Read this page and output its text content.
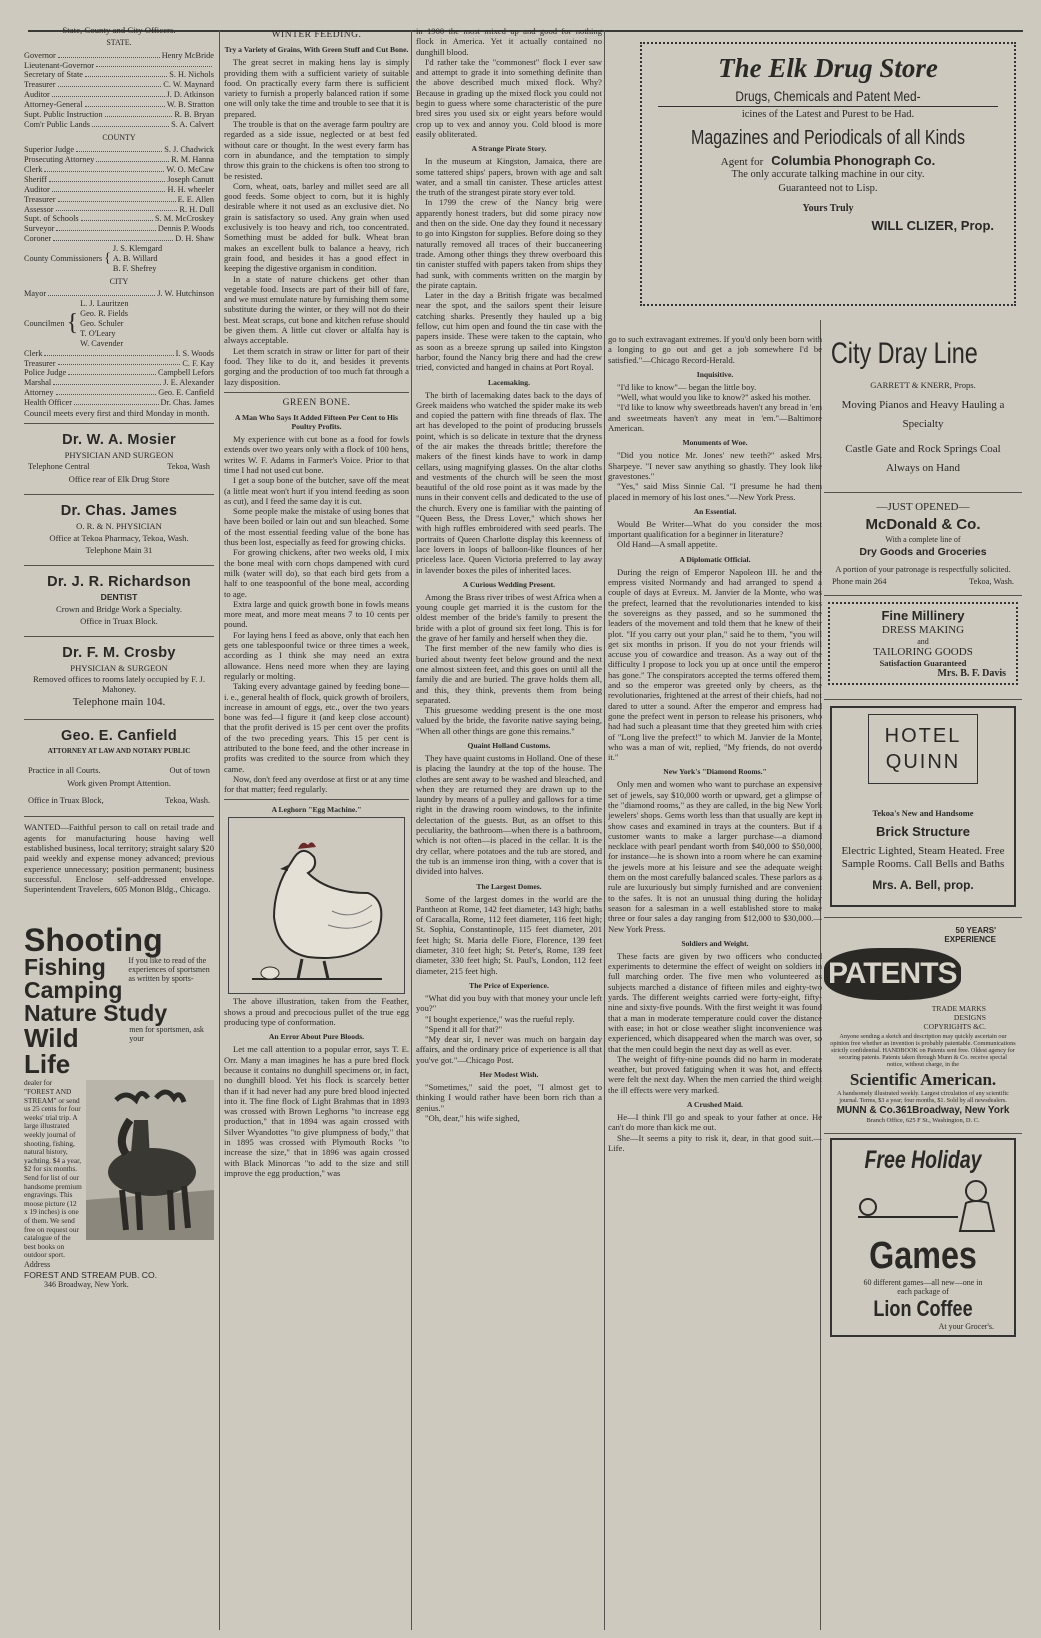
State, County and City Officers.
STATE.
Governor	Henry McBride
Lieutenant-Governor
Secretary of State	S. H. Nichols
Treasurer	C. W. Maynard
Auditor	J. D. Atkinson
Attorney-General	W. B. Stratton
Supt. Public Instruction	R. B. Bryan
Com'r Public Lands	S. A. Calvert
COUNTY
Superior Judge	S. J. Chadwick
Prosecuting Attorney	R. M. Hanna
Clerk	W. O. McCaw
Sheriff	Joseph Canutt
Auditor	H. H. wheeler
Treasurer	E. E. Allen
Assessor	R. H. Dull
Supt. of Schools	S. M. McCroskey
Surveyor	Dennis P. Woods
Coroner	D. H. Shaw
County Commissioners {
J. S. Klemgard
A. B. Willard
B. F. Shefrey
CITY
Mayor	J. W. Hutchinson
Councilmen {
L. J. Lauritzen
Geo. R. Fields
Geo. Schuler
T. O'Leary
W. Cavender
Clerk	I. S. Woods
Treasurer	C. F. Kay
Police Judge	Campbell Lefors
Marshal	J. E. Alexander
Attorney	Geo. E. Canfield
Health Officer	Dr. Chas. James

Council meets every first and third Monday in month.

Dr. W. A. Mosier
PHYSICIAN AND SURGEON
Telephone Central	Tekoa, Wash
Office rear of Elk Drug Store
Dr. Chas. James
O. R. & N. PHYSICIAN
Office at Tekoa Pharmacy, Tekoa, Wash.
Telephone Main 31
Dr. J. R. Richardson
DENTIST
Crown and Bridge Work a Specialty.
Office in Truax Block.
Dr. F. M. Crosby
PHYSICIAN & SURGEON
Removed offices to rooms lately occupied by F. J. Mahoney.
Telephone main 104.
Geo. E. Canfield
ATTORNEY AT LAW AND NOTARY PUBLIC
Practice in all Courts.	Out of town
Work given Prompt Attention.
Office in Truax Block,	Tekoa, Wash.

WANTED—Faithful person to call on retail trade and agents for manufacturing house having well established business, local territory; straight salary $20 paid weekly and expense money advanced; previous experience unnecessary; position permanent; business successful. Enclose self-addressed envelope. Superintendent Travelers, 605 Monon Bldg., Chicago.

Shooting
Fishing
Camping
If you like to read of the experiences of sportsmen as written by sports-
Nature Study
Wild Life
men for sportsmen, ask your
dealer for "FOREST AND STREAM" or send us 25 cents for four weeks' trial trip. A large illustrated weekly journal of shooting, fishing, natural history, yachting. $4 a year, $2 for six months. Send for list of our handsome premium engravings. This moose picture (12 x 19 inches) is one of them. We send free on request our catalogue of the best books on outdoor sport.
Address
FOREST AND STREAM PUB. CO.
346 Broadway, New York.
WINTER FEEDING.
Try a Variety of Grains, With Green Stuff and Cut Bone.

The great secret in making hens lay is simply providing them with a sufficient variety of suitable food. On practically every farm there is sufficient variety to furnish a properly balanced ration if some one will only take the time and trouble to see that it is prepared.

The trouble is that on the average farm poultry are regarded as a side issue, neglected or at best fed without care or thought. In the west every farm has corn in abundance, and the temptation to simply throw this grain to the chickens is often too strong to be resisted.

Corn, wheat, oats, barley and millet seed are all good feeds. Some object to corn, but it is highly desirable where it not used as an exclusive diet. No grain is satisfactory so used. Any grain when used exclusively is too heavy and rich, too concentrated. Something must be added for bulk. Wheat bran makes an excellent bulk to balance a heavy, rich grain food, and besides it has a good effect in keeping the digestive organism in condition.

In a state of nature chickens get other than vegetable food. Insects are part of their bill of fare, and we must emulate nature by furnishing them some substitute during the winter, or they will not do their best. Meat scraps, cut bone and kitchen refuse should be given them. A little cut clover or alfalfa hay is always acceptable.

Let them scratch in straw or litter for part of their food. They like to do it, and besides it prevents gorging and the production of too much fat through a lazy disposition.

GREEN BONE.
A Man Who Says It Added Fifteen Per Cent to His Poultry Profits.

My experience with cut bone as a food for fowls extends over two years only with a flock of 100 hens, writes W. F. Adams in Farmer's Voice. Prior to that time I had not used cut bone.

I get a soup bone of the butcher, save off the meat (a little meat won't hurt if you intend feeding as soon as cut), and I feed the same day it is cut.

Some people make the mistake of using bones that have been boiled or lain out and sun bleached. Some of the most essential feeding value of the bone has thus been lost, especially as feed for growing chicks.

For growing chickens, after two weeks old, I mix the bone meal with corn chops dampened with curd milk (water will do), so that each bird gets from a half to one teaspoonful of the bone meal, according to age.

Extra large and quick growth bone in fowls means more meat, and more meat means 7 to 10 cents per pound.

For laying hens I feed as above, only that each hen gets one tablespoonful twice or three times a week, according as I think she may need an extra allowance. Hens need more when they are laying regularly or molting.

Taking every advantage gained by feeding bone—i. e., general health of flock, quick growth of broilers, increase in amount of eggs, etc., over the two years bone was fed—I figure it (and keep close account) that the profit derived is 15 per cent over the profits of the two preceding years. This 15 per cent is attributed to the bone feed, and the other increase in profits was credited to the source from which they came.

Now, don't feed any overdose at first or at any time for that matter; feed regularly.

A Leghorn "Egg Machine."

The above illustration, taken from the Feather, shows a proud and precocious pullet of the true egg producing type of conformation.

An Error About Pure Bloods.

Let me call attention to a popular error, says T. E. Orr. Many a man imagines he has a pure bred flock because it contains no dunghill specimens or, in fact, no dunghill blood. Yet his flock is scarcely better than if it had never had any pure bred blood injected into it. The fine flock of Light Brahmas that in 1893 was crossed with Brown Leghorns "to increase egg production," that in 1894 was again crossed with Silver Wyandottes "to give plumpness of body," that in 1895 was crossed with Plymouth Rocks "to increase the size," that in 1896 was again crossed with Black Minorcas "to add to the size and still improve the egg production," was

in 1900 the most mixed up and good for nothing flock in America. Yet it actually contained no dunghill blood.

I'd rather take the "commonest" flock I ever saw and attempt to grade it into something definite than the above described much mixed flock. Why? Because in grading up the mixed flock you could not begin to guess where some characteristic of the pure bred sires you used six or eight years before would crop up to vex and annoy you. Cold blood is more easily obliterated.

A Strange Pirate Story.

In the museum at Kingston, Jamaica, there are some tattered ships' papers, brown with age and salt water, and a small tin canister. These articles attest the truth of the strangest pirate story ever told.

In 1799 the crew of the Nancy brig were apparently honest traders, but did some piracy now and then on the side. One day they found it necessary to go into Kingston for supplies. Before doing so they naturally removed all traces of their buccaneering trade. Among other things they threw overboard this tin canister stuffed with papers taken from ships they had sunk, with comments written on the margin by the pirate captain.

Later in the day a British frigate was becalmed near the spot, and the sailors spent their leisure catching sharks. Presently they hauled up a big fellow, cut him open and found the tin case with the papers inside. These were taken to the captain, who as soon as a breeze sprung up sailed into Kingston harbor, found the Nancy brig there and had the crew tried, convicted and hanged in chains at Port Royal.

Lacemaking.

The birth of lacemaking dates back to the days of Greek maidens who watched the spider make its web and copied the pattern with fine threads of flax. The art has developed to the point of producing brussels point, which is so delicate in texture that the dryness of the air makes the threads brittle; therefore the makers of the finest kinds have to work in damp cellars, using magnifying glasses. On the altar cloths and vestments of the church will be seen the most beautiful of the old rose point as it was made by the nuns in their convent cells and dedicated to the use of the church. Every one is familiar with the painting of "Queen Bess, the Dress Lover," which shows her with high ruffles embroidered with seed pearls. The portraits of Queen Charlotte display this keenness of lace lovers in loops of balloon-like flounces of her priceless lace. Queen Victoria preferred to lay away in lavender boxes the piles of inherited laces.

A Curious Wedding Present.

Among the Brass river tribes of west Africa when a young couple get married it is the custom for the oldest member of the bride's family to present the bride with a plot of ground six feet long. This is for the grave of her family and herself when they die.

The first member of the new family who dies is buried about twenty feet below ground and the next one almost sixteen feet, and this goes on until all the family die and are buried. The grave holds them all, and this, they think, prevents them from being separated.

This gruesome wedding present is the one most valued by the bride, the favorite native saying being, "When all other things are gone this remains."

Quaint Holland Customs.

They have quaint customs in Holland. One of these is placing the laundry at the top of the house. The clothes are sent away to be washed and bleached, and when they are returned they are drawn up to the laundry by means of a pulley and gallows for a time right in the drawing room windows, to the infinite delectation of the guests. But, as an offset to this peculiarity, the bathroom—when there is a bathroom, which is not often—is placed in the cellar. It is the dry cellar, where potatoes and the tub are stored, and the tub is an immense iron thing, with a cover that is divided into halves.

The Largest Domes.

Some of the largest domes in the world are the Pantheon at Rome, 142 feet diameter, 143 high; baths of Caracalla, Rome, 112 feet diameter, 116 feet high; St. Sophia, Constantinople, 115 feet diameter, 201 feet high; St. Maria delle Fiore, Florence, 139 feet diameter, 310 feet high; St. Peter's, Rome, 139 feet diameter, 330 feet high; St. Paul's, London, 112 feet diameter, 215 feet high.

The Price of Experience.

"What did you buy with that money your uncle left you?"

"I bought experience," was the rueful reply.

"Spend it all for that?"

"My dear sir, I never was much on bargain day affairs, and the ordinary price of experience is all that you've got."—Chicago Post.

Her Modest Wish.

"Sometimes," said the poet, "I almost get to thinking I would rather have been born rich than a genius."

"Oh, dear," his wife sighed,

The Elk Drug Store
Drugs, Chemicals and Patent Med-
icines of the Latest and Purest to be Had.
Magazines and Periodicals of all Kinds
Agent for Columbia Phonograph Co.
The only accurate talking machine in our city.
Guaranteed not to Lisp.
Yours Truly
WILL CLIZER, Prop.

go to such extravagant extremes. If you'd only been born with a longing to go out and get a job somewhere I'd be satisfied."—Chicago Record-Herald.

Inquisitive.

"I'd like to know"— began the little boy.

"Well, what would you like to know?" asked his mother.

"I'd like to know why sweetbreads haven't any bread in 'em and sweetmeats haven't any meat in 'em."—Baltimore American.

Monuments of Woe.

"Did you notice Mr. Jones' new teeth?" asked Mrs. Sharpeye. "I never saw anything so ghastly. They look like gravestones."

"Yes," said Miss Sinnie Cal. "I presume he had them placed in memory of his lost ones."—New York Press.

An Essential.

Would Be Writer—What do you consider the most important qualification for a beginner in literature?

Old Hand—A small appetite.

A Diplomatic Official.

During the reign of Emperor Napoleon III. he and the empress visited Normandy and had arranged to spend a couple of days at Evreux. M. Janvier de la Monte, who was the prefect, learned that the revolutionaries intended to kiss the sovereigns as they passed, and so he summoned the leaders of the movement and told them that he knew of their plot. "If you carry out your plan," said he to them, "you will get six months in prison. If you do not your friends will accuse you of cowardice and treason. As a way out of the difficulty I propose to lock you up at once until the emperor has gone." The conspirators accepted the terms offered them, and so the emperor was greeted only by cheers, as the revolutionaries, frightened at the arrest of their chiefs, had not dared to utter a sound. After the emperor and empress had gone the prefect went in person to release his prisoners, who had had such a pleasant time that they greeted him with cries of "Long live the prefect!" to which M. Janvier de la Monte, who was a man of wit, replied, "My friends, do not overdo it."

New York's "Diamond Rooms."

Only men and women who want to purchase an expensive set of jewels, say $10,000 worth or upward, get a glimpse of the "diamond rooms," as they are called, in the big New York jewelers' shops. Gems worth less than that usually are kept in show cases and examined in trays at the counters. But if a customer wants to make a larger purchase—a diamond necklace with pearl pendant worth from $40,000 to $50,000, for instance—he is shown into a room where he can examine the jewels more at his leisure and see the adequate weight them on the most carefully balanced scales. These parlors as a rule are luxuriously but simply furnished and are convenient to the safes. It is not an unusual thing during the holiday season for a salesman in a well established store to make three or four sales a day ranging from $12,000 to $30,000.—New York Press.

Soldiers and Weight.

These facts are given by two officers who conducted experiments to determine the effect of weight on soldiers in full marching order. The five men who volunteered as subjects marched a distance of fifteen miles and eighty-two yards. The different weights carried were forty-eight, fifty-nine and sixty-five pounds. With the first weight it was found that a man in moderate temperature could cover the distance with ease; in hot or close weather slight inconvenience was experienced, which disappeared when the march was over, so that the men could begin the next day as well as ever.

The weight of fifty-nine pounds did no harm in moderate weather, but proved fatiguing when it was hot, and effects were felt the next day. When the men carried the third weight the ill effects were very marked.

A Crushed Maid.

He—I think I'll go and speak to your father at once. He can't do more than kick me out.

She—It seems a pity to risk it, dear, in that good suit.—Life.

City Dray Line
GARRETT & KNERR, Props.
Moving Pianos and Heavy Hauling a Specialty
Castle Gate and Rock Springs Coal Always on Hand
—JUST OPENED—
McDonald & Co.
With a complete line of
Dry Goods and Groceries
A portion of your patronage is respectfully solicited.
Phone main 264	Tekoa, Wash.
Fine Millinery
DRESS MAKING
and
TAILORING GOODS
Satisfaction Guaranteed
Mrs. B. F. Davis
HOTEL
QUINN
Tekoa's New and Handsome
Brick Structure
Electric Lighted, Steam Heated. Free Sample Rooms. Call Bells and Baths
Mrs. A. Bell, prop.
50 YEARS' EXPERIENCE
PATENTS
TRADE MARKS
DESIGNS
COPYRIGHTS &C.
Anyone sending a sketch and description may quickly ascertain our opinion free whether an invention is probably patentable. Communications strictly confidential. HANDBOOK on Patents sent free. Oldest agency for securing patents. Patents taken through Munn & Co. receive special notice, without charge, in the
Scientific American.
A handsomely illustrated weekly. Largest circulation of any scientific journal. Terms, $3 a year; four months, $1. Sold by all newsdealers.
MUNN & Co.361Broadway, New York
Branch Office, 625 F St., Washington, D. C.
Free Holiday
Games
60 different games—all new—one in each package of
Lion Coffee
At your Grocer's.
